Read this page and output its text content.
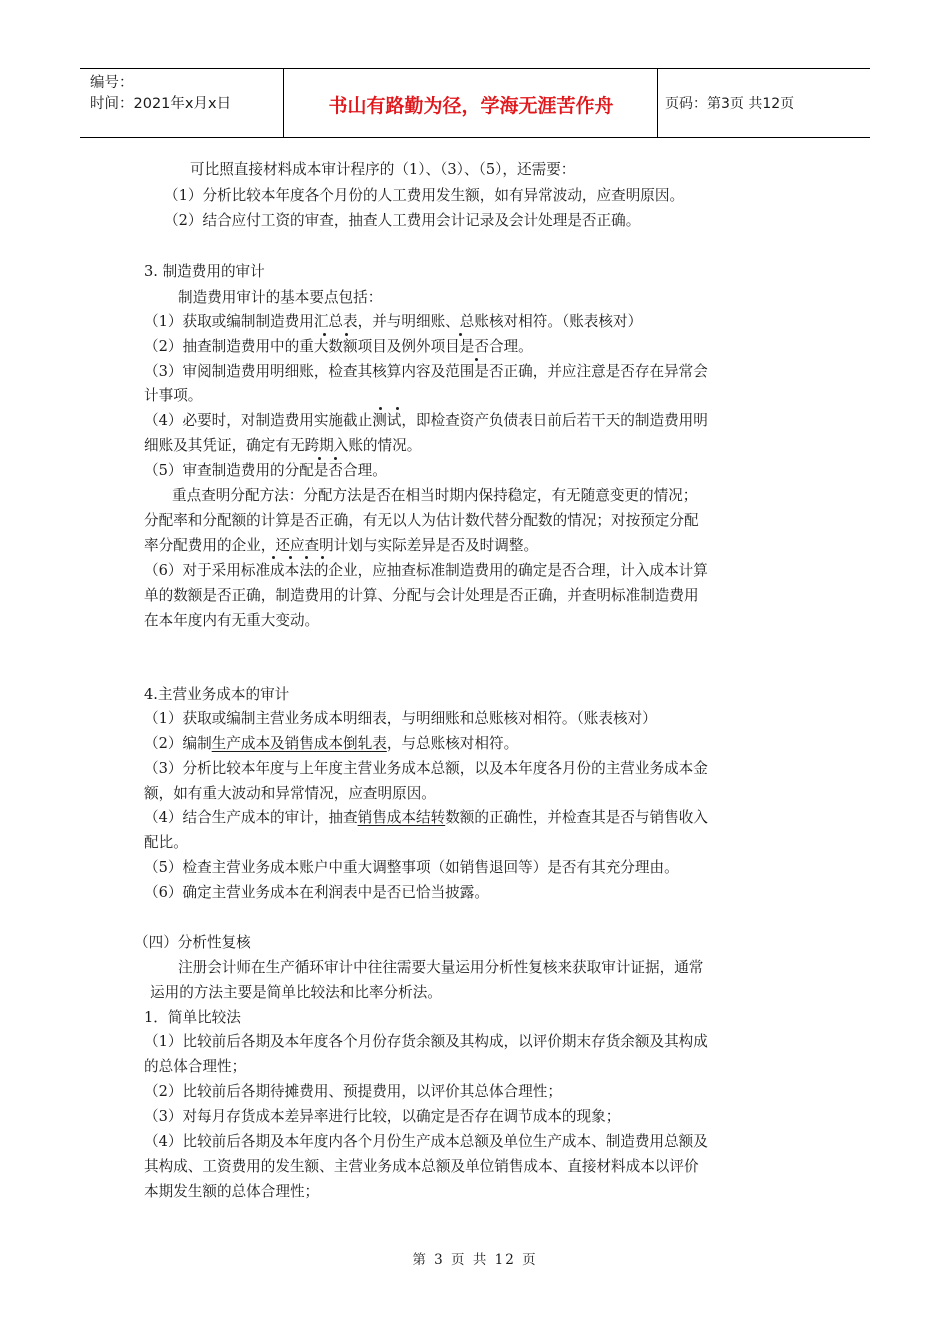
编号：
时间：2021年x月x日	书山有路勤为径，学海无涯苦作舟	页码：第3页 共12页
可比照直接材料成本审计程序的（1）、（3）、（5），还需要：
（1）分析比较本年度各个月份的人工费用发生额，如有异常波动，应查明原因。
（2）结合应付工资的审查，抽查人工费用会计记录及会计处理是否正确。
3. 制造费用的审计
制造费用审计的基本要点包括：
（1）获取或编制制造费用汇总表，并与明细账、总账核对相符。（账表核对）
（2）抽查制造费用中的重大数额项目及例外项目是否合理。
（3）审阅制造费用明细账，检查其核算内容及范围是否正确，并应注意是否存在异常会
计事项。
（4）必要时，对制造费用实施截止测试，即检查资产负债表日前后若干天的制造费用明
细账及其凭证，确定有无跨期入账的情况。
（5）审查制造费用的分配是否合理。
重点查明分配方法：分配方法是否在相当时期内保持稳定，有无随意变更的情况；
分配率和分配额的计算是否正确，有无以人为估计数代替分配数的情况；对按预定分配
率分配费用的企业，还应查明计划与实际差异是否及时调整。
（6）对于采用标准成本法的企业，应抽查标准制造费用的确定是否合理，计入成本计算
单的数额是否正确，制造费用的计算、分配与会计处理是否正确，并查明标准制造费用
在本年度内有无重大变动。
4.主营业务成本的审计
（1）获取或编制主营业务成本明细表，与明细账和总账核对相符。（账表核对）
（2）编制生产成本及销售成本倒轧表，与总账核对相符。
（3）分析比较本年度与上年度主营业务成本总额，以及本年度各月份的主营业务成本金
额，如有重大波动和异常情况，应查明原因。
（4）结合生产成本的审计，抽查销售成本结转数额的正确性，并检查其是否与销售收入
配比。
（5）检查主营业务成本账户中重大调整事项（如销售退回等）是否有其充分理由。
（6）确定主营业务成本在利润表中是否已恰当披露。
（四）分析性复核
注册会计师在生产循环审计中往往需要大量运用分析性复核来获取审计证据，通常
运用的方法主要是简单比较法和比率分析法。
1．简单比较法
（1）比较前后各期及本年度各个月份存货余额及其构成，以评价期末存货余额及其构成
的总体合理性；
（2）比较前后各期待摊费用、预提费用，以评价其总体合理性；
（3）对每月存货成本差异率进行比较，以确定是否存在调节成本的现象；
（4）比较前后各期及本年度内各个月份生产成本总额及单位生产成本、制造费用总额及
其构成、工资费用的发生额、主营业务成本总额及单位销售成本、直接材料成本以评价
本期发生额的总体合理性；
第 3 页 共 12 页
